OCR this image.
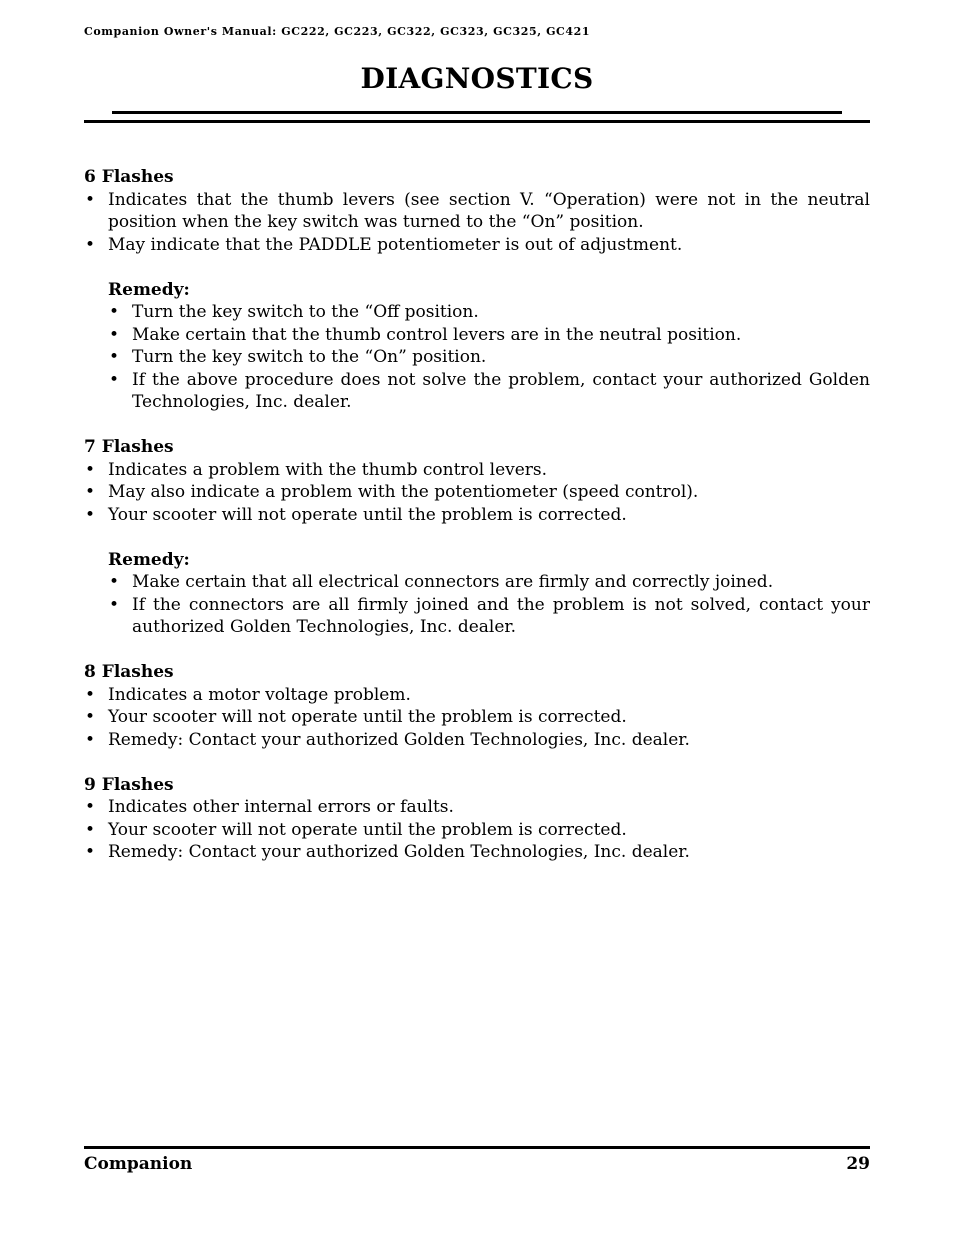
Companion Owner's Manual: GC222, GC223, GC322, GC323, GC325, GC421
DIAGNOSTICS

6 Flashes

• Indicates that the thumb levers (see section V. “Operation) were not in the neutral position when the key switch was turned to the “On” position.
• May indicate that the PADDLE potentiometer is out of adjustment.

Remedy:

• Turn the key switch to the “Off position.
• Make certain that the thumb control levers are in the neutral position.
• Turn the key switch to the “On” position.
• If the above procedure does not solve the problem, contact your authorized Golden Technologies, Inc. dealer.

7 Flashes

• Indicates a problem with the thumb control levers.
• May also indicate a problem with the potentiometer (speed control).
• Your scooter will not operate until the problem is corrected.

Remedy:

• Make certain that all electrical connectors are firmly and correctly joined.
• If the connectors are all firmly joined and the problem is not solved, contact your authorized Golden Technologies, Inc. dealer.

8 Flashes

• Indicates a motor voltage problem.
• Your scooter will not operate until the problem is corrected.
• Remedy: Contact your authorized Golden Technologies, Inc. dealer.

9 Flashes

• Indicates other internal errors or faults.
• Your scooter will not operate until the problem is corrected.
• Remedy: Contact your authorized Golden Technologies, Inc. dealer.
Companion	29
